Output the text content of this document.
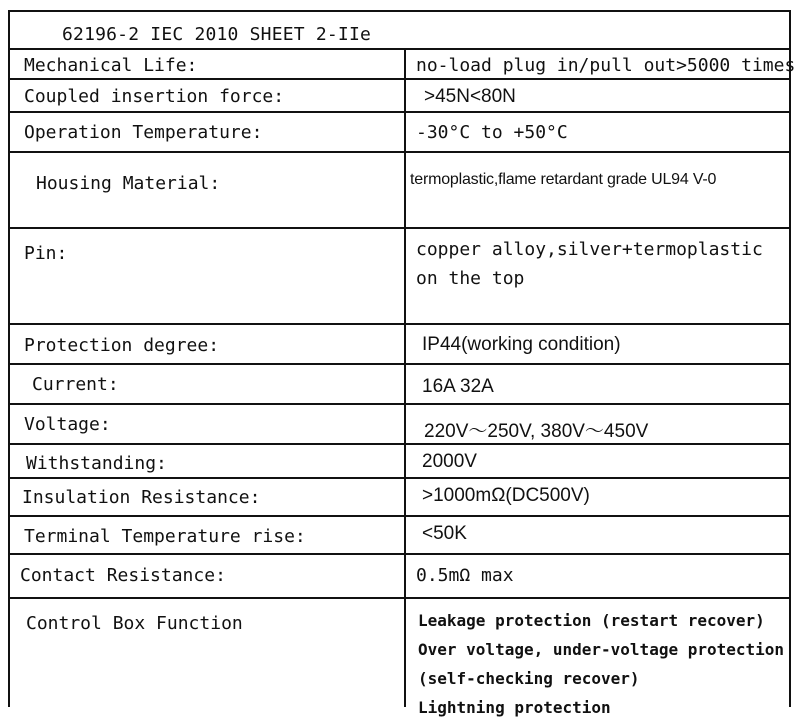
62196-2 IEC 2010 SHEET 2-IIe
Mechanical Life:	no-load plug in/pull out>5000 times
Coupled insertion force:	>45N<80N
Operation Temperature:	-30°C to +50°C
Housing Material:	termoplastic,flame retardant grade UL94 V-0
Pin:	copper alloy,silver+termoplastic
on the top
Protection degree:	IP44(working condition)
Current:	16A 32A
Voltage:	220V～250V, 380V～450V
Withstanding:	2000V
Insulation Resistance:	>1000mΩ(DC500V)
Terminal Temperature rise:	<50K
Contact Resistance:	0.5mΩ max
Control Box Function	Leakage protection (restart recover)
Over voltage, under-voltage protection
(self-checking recover)
Lightning protection
